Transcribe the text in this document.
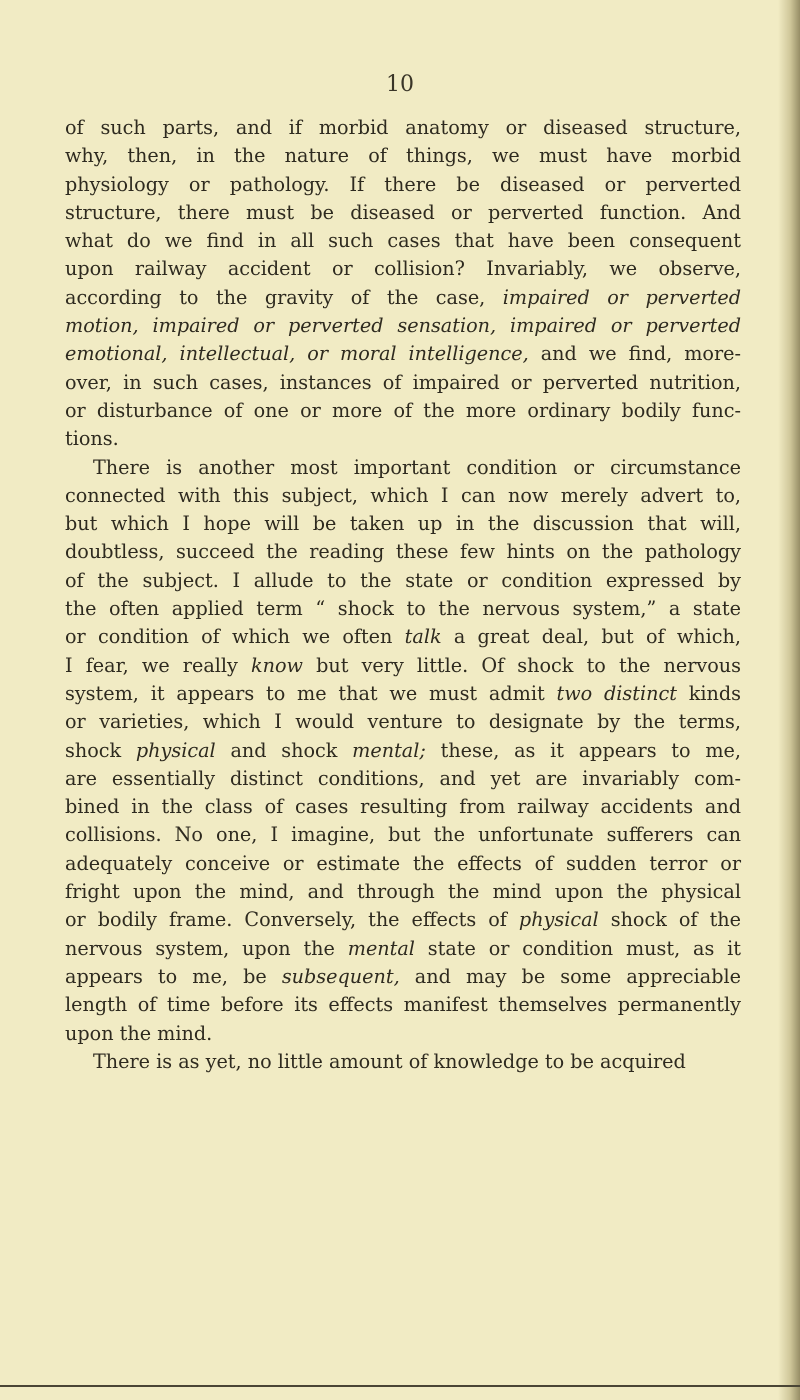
10
of such parts, and if morbid anatomy or diseased structure,
why, then, in the nature of things, we must have morbid
physiology or pathology. If there be diseased or perverted
structure, there must be diseased or perverted function. And
what do we find in all such cases that have been consequent
upon railway accident or collision? Invariably, we observe,
according to the gravity of the case, impaired or perverted
motion, impaired or perverted sensation, impaired or perverted
emotional, intellectual, or moral intelligence, and we find, more-
over, in such cases, instances of impaired or perverted nutrition,
or disturbance of one or more of the more ordinary bodily func-
tions.
There is another most important condition or circumstance
connected with this subject, which I can now merely advert to,
but which I hope will be taken up in the discussion that will,
doubtless, succeed the reading these few hints on the pathology
of the subject. I allude to the state or condition expressed by
the often applied term “ shock to the nervous system,” a state
or condition of which we often talk a great deal, but of which,
I fear, we really know but very little. Of shock to the nervous
system, it appears to me that we must admit two distinct kinds
or varieties, which I would venture to designate by the terms,
shock physical and shock mental; these, as it appears to me,
are essentially distinct conditions, and yet are invariably com-
bined in the class of cases resulting from railway accidents and
collisions. No one, I imagine, but the unfortunate sufferers can
adequately conceive or estimate the effects of sudden terror or
fright upon the mind, and through the mind upon the physical
or bodily frame. Conversely, the effects of physical shock of the
nervous system, upon the mental state or condition must, as it
appears to me, be subsequent, and may be some appreciable
length of time before its effects manifest themselves permanently
upon the mind.
There is as yet, no little amount of knowledge to be acquired
